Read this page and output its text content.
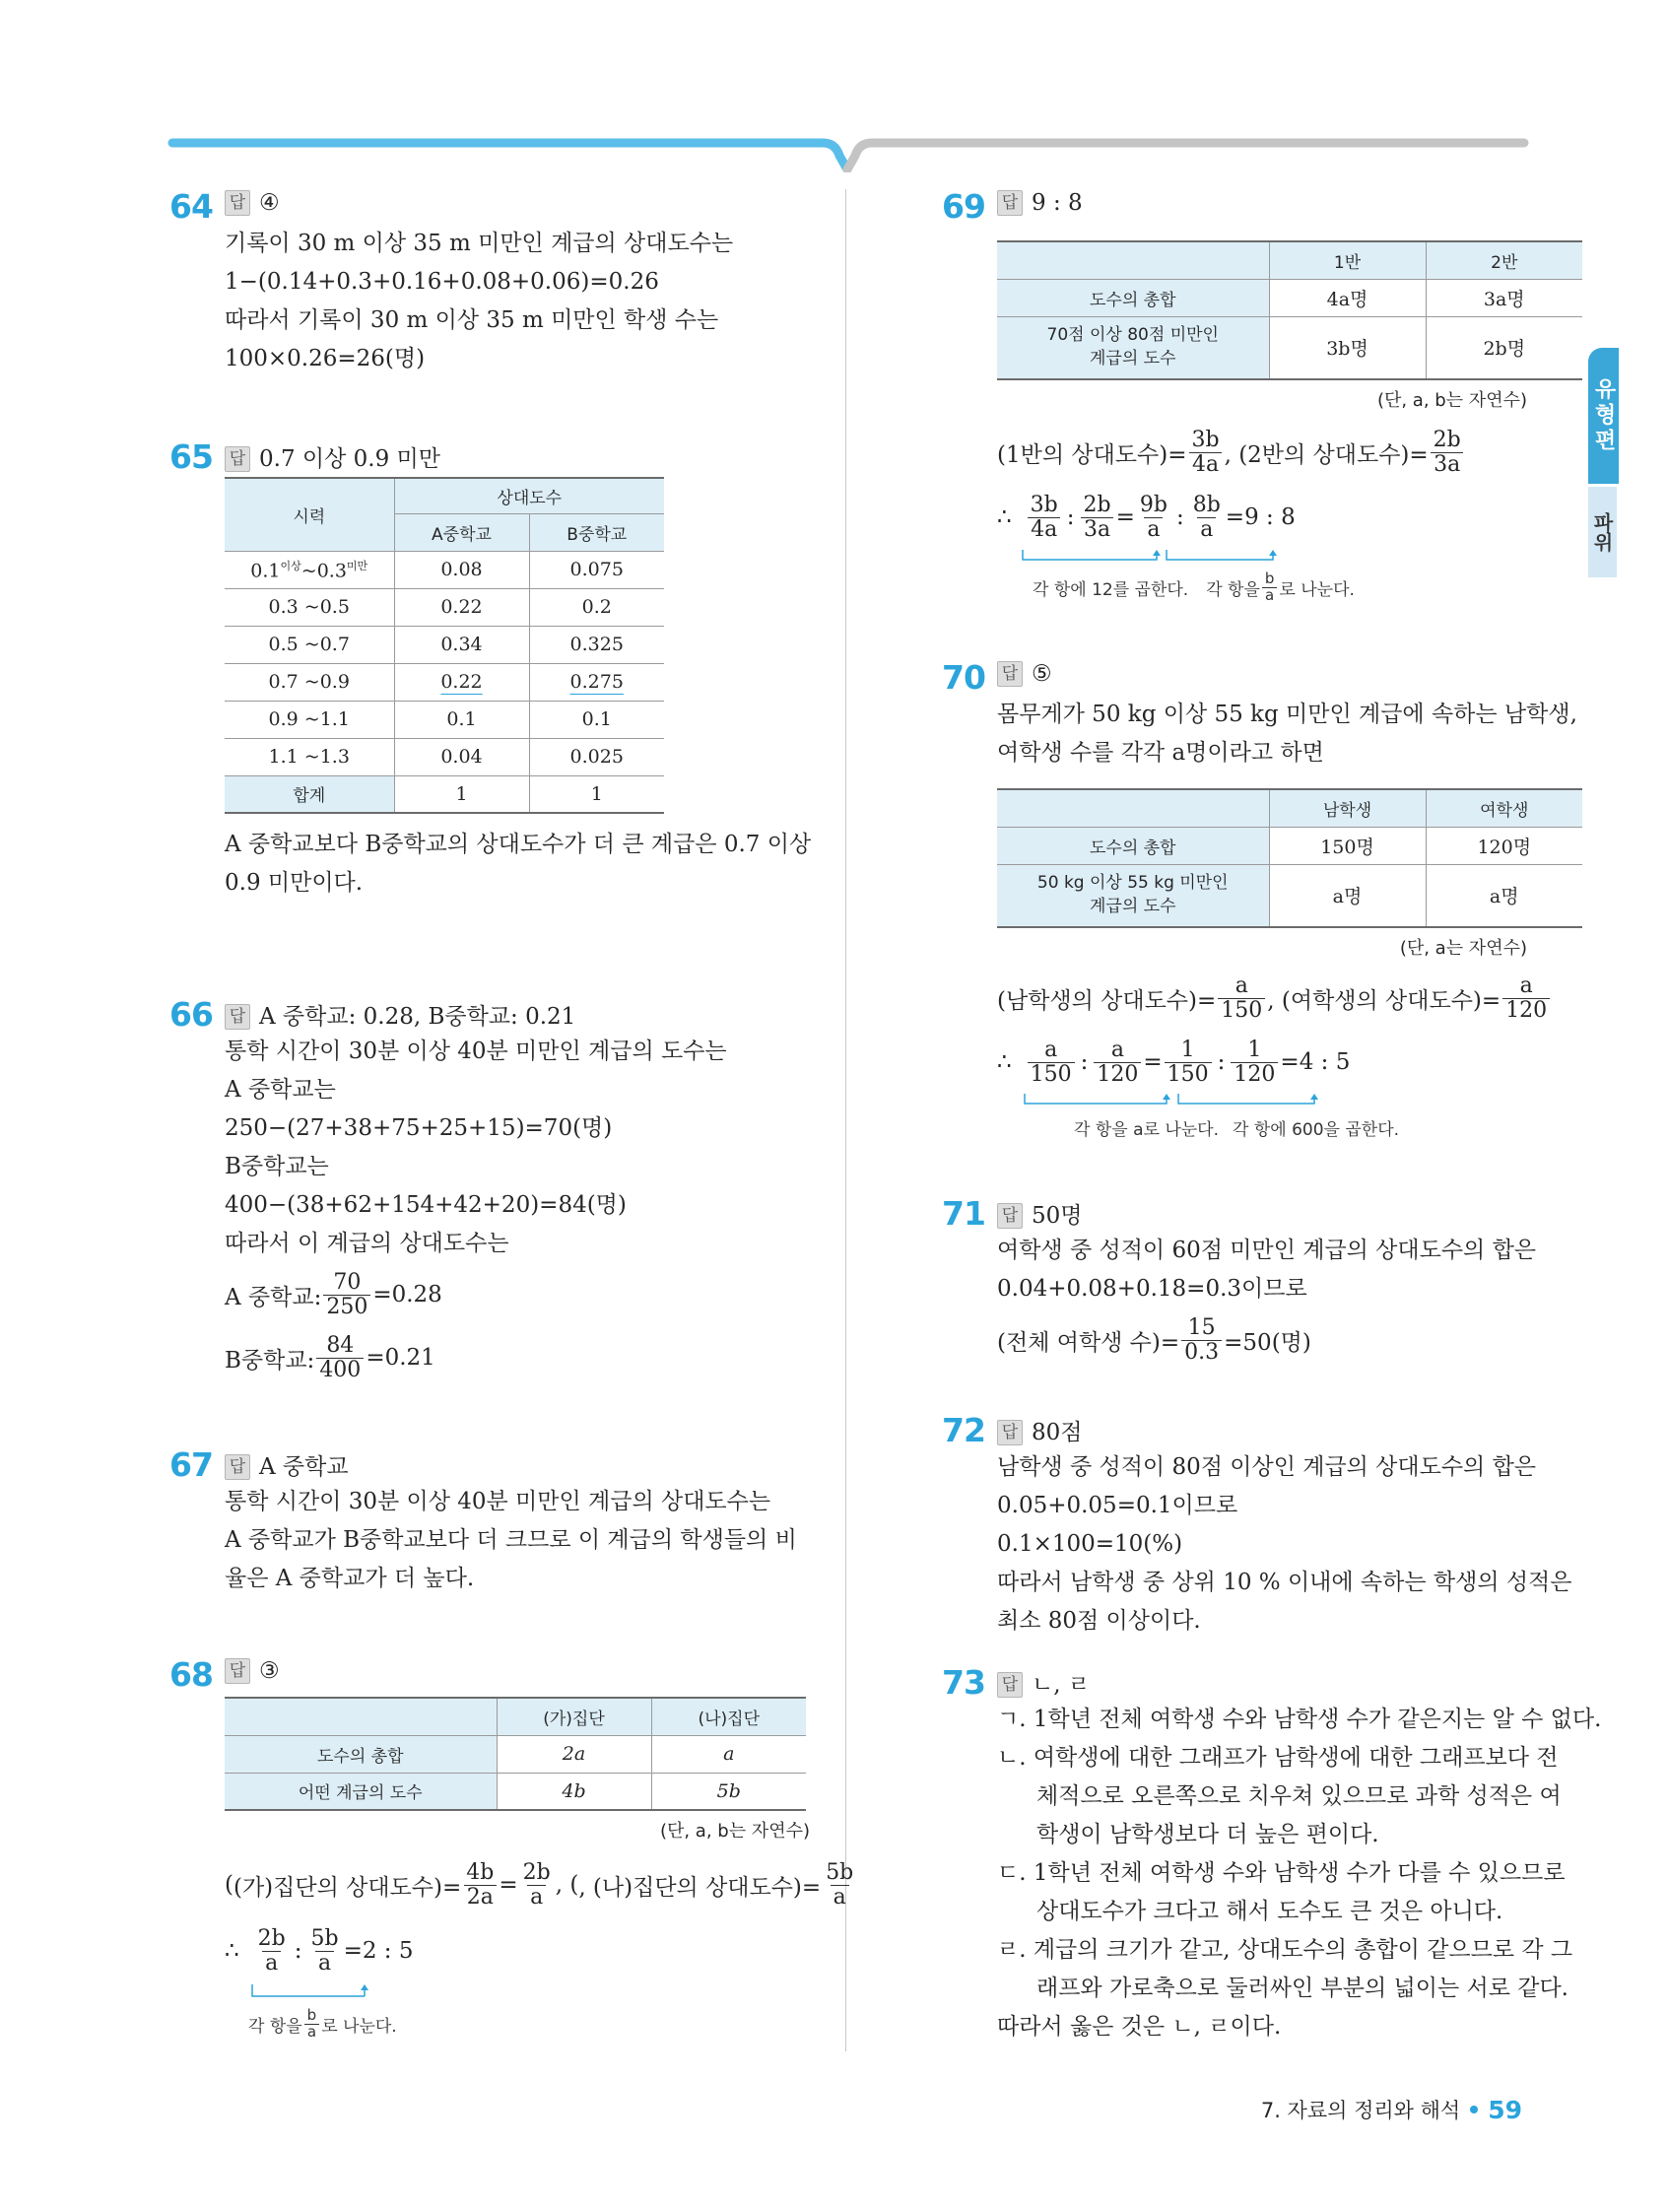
유형편
파위
64 답 ④
기록이 30 m 이상 35 m 미만인 계급의 상대도수는
1−(0.14+0.3+0.16+0.08+0.06)=0.26
따라서 기록이 30 m 이상 35 m 미만인 학생 수는
100×0.26=26(명)
65 답 0.7 이상 0.9 미만
시력	상대도수	
	A중학교	B중학교
$0.1^{이상}\sim 0.3^{미만}$	0.08	0.075
0.3 ~0.5	0.22	0.2
0.5 ~0.7	0.34	0.325
0.7 ~0.9	0.22	0.275
0.9 ~1.1	0.1	0.1
1.1 ~1.3	0.04	0.025
합계	1	1
A 중학교보다 B중학교의 상대도수가 더 큰 계급은 0.7 이상
0.9 미만이다.
66 답 A 중학교: 0.28, B중학교: 0.21
통학 시간이 30분 이상 40분 미만인 계급의 도수는
A 중학교는
250−(27+38+75+25+15)=70(명)
B중학교는
400−(38+62+154+42+20)=84(명)
따라서 이 계급의 상대도수는
A 중학교: $\frac{70}{250} =0.28$
B중학교: $\frac{84}{400} =0.21$
67 답 A 중학교
통학 시간이 30분 이상 40분 미만인 계급의 상대도수는
A 중학교가 B중학교보다 더 크므로 이 계급의 학생들의 비
율은 A 중학교가 더 높다.
68 답 ③
	(가)집단	(나)집단
도수의 총합	2a	a
어떤 계급의 도수	4b	5b
(단, a, b는 자연수)
( (가)집단의 상대도수)= $\frac{4b}{2a} = \frac{2b}{a}$ , ( , (나)집단의 상대도수)= $\frac{5b}{a}$
∴ $\frac{2b}{a}$ : $\frac{5b}{a} =2$ : 5
각 항을 $\frac{b}{a}$ 로 나눈다.
69 답 9 : 8
	1반	2반
도수의 총합	4a명	3a명

70점 이상 80점 미만인
계급의 도수	3b명	2b명
(단, a, b는 자연수)
(1반의 상대도수)= $\frac{3b}{4a}$ , (2반의 상대도수)= $\frac{2b}{3a}$
∴ $\frac{3b}{4a}$ : $\frac{2b}{3a} = \frac{9b}{a}$ : $\frac{8b}{a} =9$ : 8
각 항에 12를 곱한다. 각 항을 $\frac{b}{a}$ 로 나눈다.
70 답 ⑤
몸무게가 50 kg 이상 55 kg 미만인 계급에 속하는 남학생,
여학생 수를 각각 a명이라고 하면
	남학생	여학생
도수의 총합	150명	120명

50 kg 이상 55 kg 미만인
계급의 도수	a명	a명
(단, a는 자연수)
(남학생의 상대도수)= $\frac{a}{150}$ , (여학생의 상대도수)= $\frac{a}{120}$
∴ $\frac{a}{150}$ : $\frac{a}{120} = \frac{1}{150}$ : $\frac{1}{120} =4$ : 5
각 항을 a로 나눈다. 각 항에 600을 곱한다.
71 답 50명
여학생 중 성적이 60점 미만인 계급의 상대도수의 합은
0.04+0.08+0.18=0.3이므로
(전체 여학생 수)= $\frac{15}{0.3} =50$(명)
72 답 80점
남학생 중 성적이 80점 이상인 계급의 상대도수의 합은
0.05+0.05=0.1이므로
0.1×100=10(%)
따라서 남학생 중 상위 10 % 이내에 속하는 학생의 성적은
최소 80점 이상이다.
73 답 ㄴ, ㄹ
ㄱ. 1학년 전체 여학생 수와 남학생 수가 같은지는 알 수 없다.
ㄴ. 여학생에 대한 그래프가 남학생에 대한 그래프보다 전
체적으로 오른쪽으로 치우쳐 있으므로 과학 성적은 여
학생이 남학생보다 더 높은 편이다.
ㄷ. 1학년 전체 여학생 수와 남학생 수가 다를 수 있으므로
상대도수가 크다고 해서 도수도 큰 것은 아니다.
ㄹ. 계급의 크기가 같고, 상대도수의 총합이 같으므로 각 그
래프와 가로축으로 둘러싸인 부분의 넓이는 서로 같다.
따라서 옳은 것은 ㄴ, ㄹ이다.
7. 자료의 정리와 해석 59
